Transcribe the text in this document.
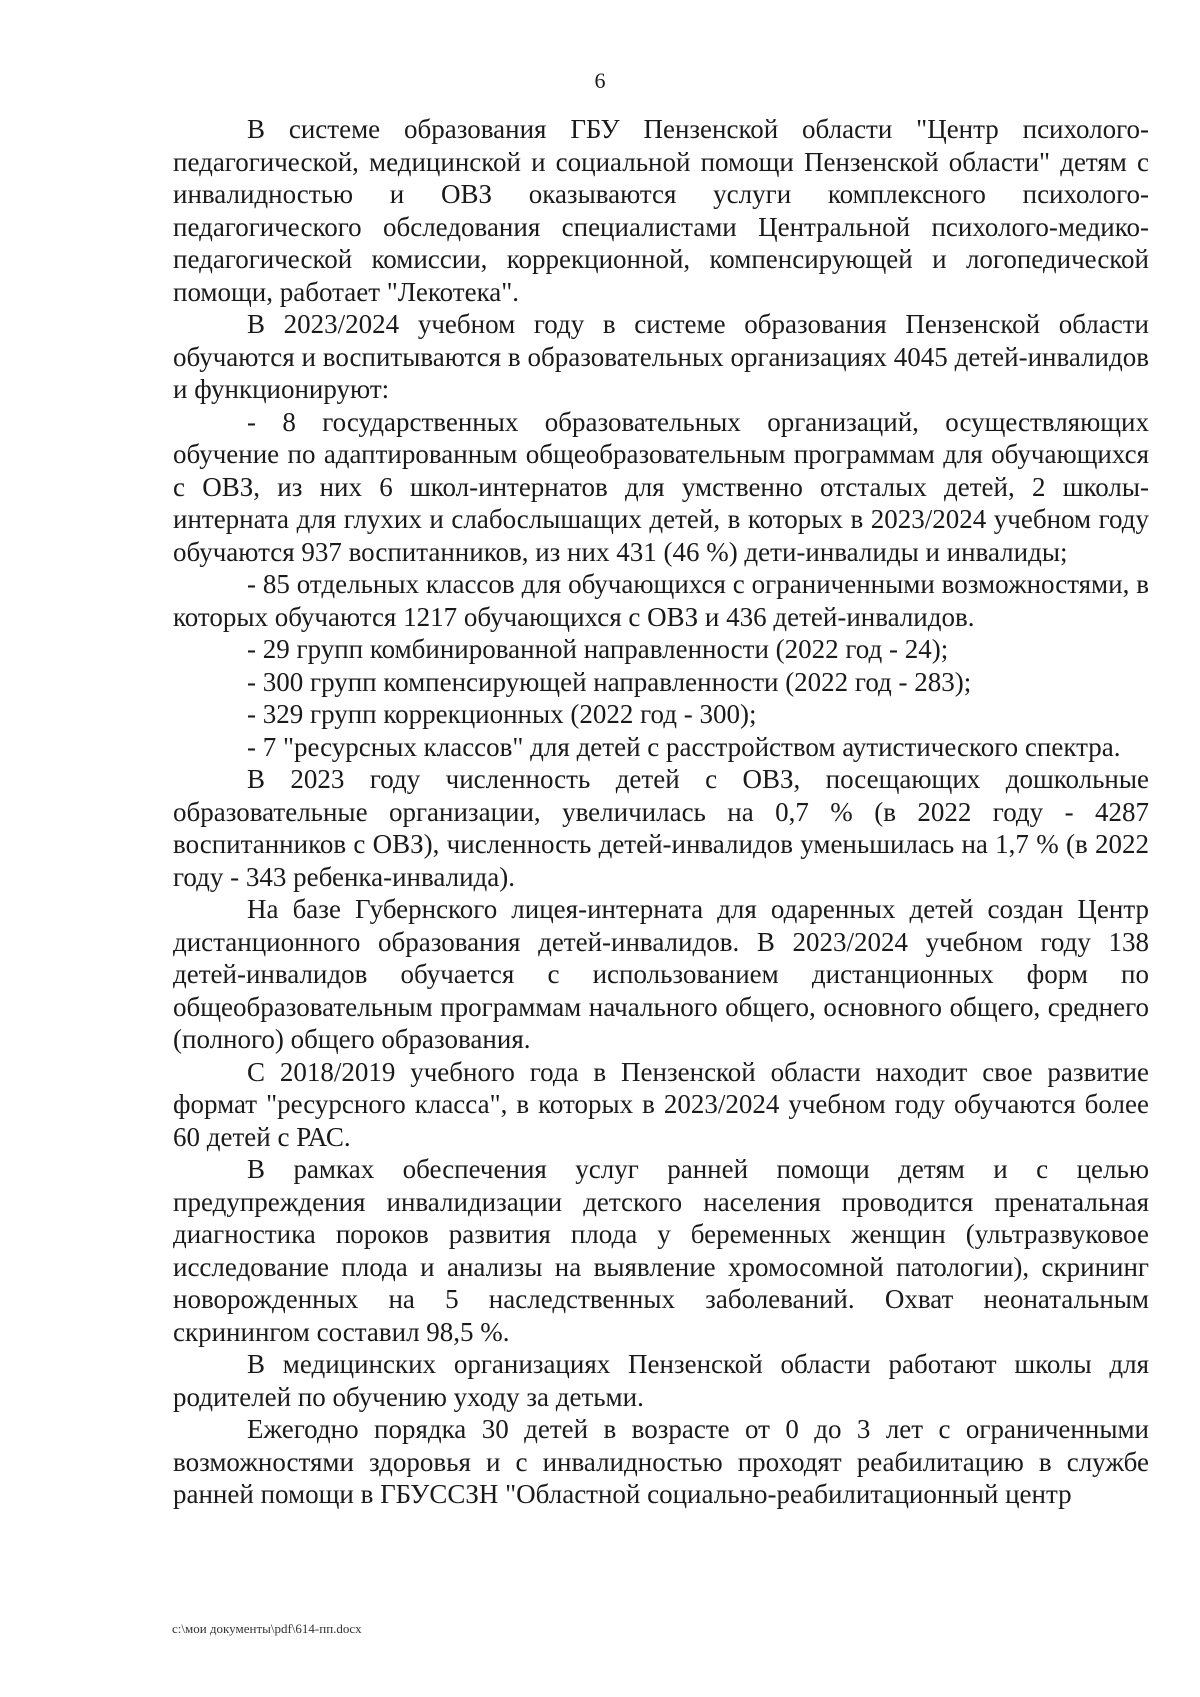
6

В системе образования ГБУ Пензенской области "Центр психолого-педагогической, медицинской и социальной помощи Пензенской области" детям с инвалидностью и ОВЗ оказываются услуги комплексного психолого-педагогического обследования специалистами Центральной психолого-медико-педагогической комиссии, коррекционной, компенсирующей и логопедической помощи, работает "Лекотека".

В 2023/2024 учебном году в системе образования Пензенской области обучаются и воспитываются в образовательных организациях 4045 детей-инвалидов и функционируют:

- 8 государственных образовательных организаций, осуществляющих обучение по адаптированным общеобразовательным программам для обучающихся с ОВЗ, из них 6 школ-интернатов для умственно отсталых детей, 2 школы-интерната для глухих и слабослышащих детей, в которых в 2023/2024 учебном году обучаются 937 воспитанников, из них 431 (46 %) дети-инвалиды и инвалиды;

- 85 отдельных классов для обучающихся с ограниченными возможностями, в которых обучаются 1217 обучающихся с ОВЗ и 436 детей-инвалидов.

- 29 групп комбинированной направленности (2022 год - 24);

- 300 групп компенсирующей направленности (2022 год - 283);

- 329 групп коррекционных (2022 год - 300);

- 7 "ресурсных классов" для детей с расстройством аутистического спектра.

В 2023 году численность детей с ОВЗ, посещающих дошкольные образовательные организации, увеличилась на 0,7 % (в 2022 году - 4287 воспитанников с ОВЗ), численность детей-инвалидов уменьшилась на 1,7 % (в 2022 году - 343 ребенка-инвалида).

На базе Губернского лицея-интерната для одаренных детей создан Центр дистанционного образования детей-инвалидов. В 2023/2024 учебном году 138 детей-инвалидов обучается с использованием дистанционных форм по общеобразовательным программам начального общего, основного общего, среднего (полного) общего образования.

С 2018/2019 учебного года в Пензенской области находит свое развитие формат "ресурсного класса", в которых в 2023/2024 учебном году обучаются более 60 детей с РАС.

В рамках обеспечения услуг ранней помощи детям и с целью предупреждения инвалидизации детского населения проводится пренатальная диагностика пороков развития плода у беременных женщин (ультразвуковое исследование плода и анализы на выявление хромосомной патологии), скрининг новорожденных на 5 наследственных заболеваний. Охват неонатальным скринингом составил 98,5 %.

В медицинских организациях Пензенской области работают школы для родителей по обучению уходу за детьми.

Ежегодно порядка 30 детей в возрасте от 0 до 3 лет с ограниченными возможностями здоровья и с инвалидностью проходят реабилитацию в службе ранней помощи в ГБУССЗН "Областной социально-реабилитационный центр

c:\мои документы\pdf\614-пп.docx
